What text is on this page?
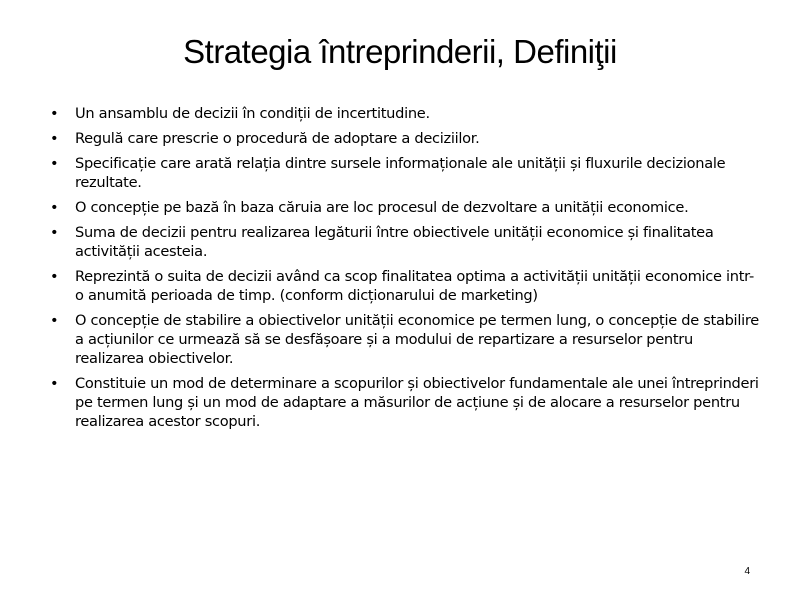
Strategia întreprinderii, Definiţii
•	Un ansamblu de decizii în condiții de incertitudine.
•	Regulă care prescrie o procedură de adoptare a deciziilor.
•	Specificație care arată relația dintre sursele informaționale ale unității și fluxurile decizionale rezultate.
•	O concepție pe bază în baza căruia are loc procesul de dezvoltare a unității economice.
•	Suma de decizii pentru realizarea legăturii între obiectivele unității economice și finalitatea activității acesteia.
•	Reprezintă o suita de decizii având ca scop finalitatea optima a activității unității economice intr-o anumită perioada de timp. (conform dicționarului de marketing)
•	O concepție de stabilire a obiectivelor unității economice pe termen lung, o concepție de stabilire a acțiunilor ce urmează să se desfășoare și a modului de repartizare a resurselor pentru realizarea obiectivelor.
•	Constituie un mod de determinare a scopurilor și obiectivelor fundamentale ale unei întreprinderi pe termen lung și un mod de adaptare a măsurilor de acțiune și de alocare a resurselor pentru realizarea acestor scopuri.
4
